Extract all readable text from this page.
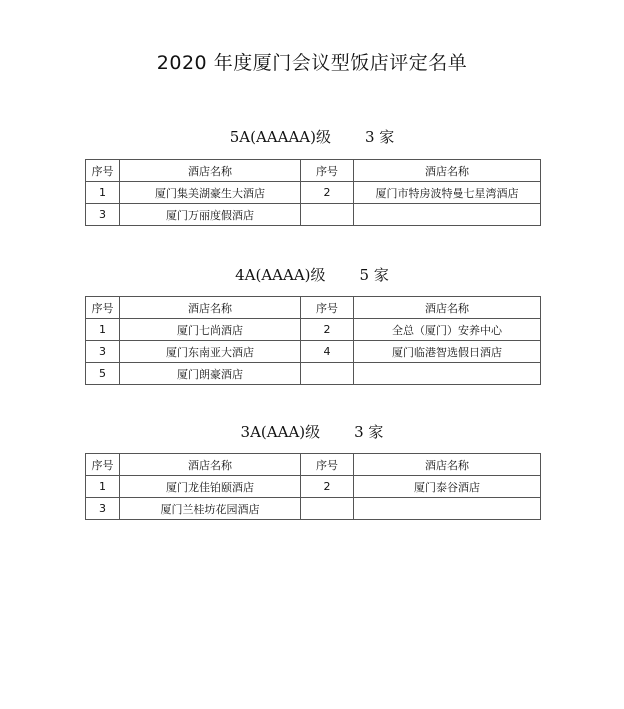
2020 年度厦门会议型饭店评定名单
5A(AAAAA)级 3 家
序号	酒店名称	序号	酒店名称
1	厦门集美湖豪生大酒店	2	厦门市特房波特曼七星湾酒店
3	厦门万丽度假酒店		
4A(AAAA)级 5 家
序号	酒店名称	序号	酒店名称
1	厦门七尚酒店	2	全总（厦门）安养中心
3	厦门东南亚大酒店	4	厦门临港智选假日酒店
5	厦门朗豪酒店		
3A(AAA)级 3 家
序号	酒店名称	序号	酒店名称
1	厦门龙佳铂颐酒店	2	厦门泰谷酒店
3	厦门兰桂坊花园酒店		
